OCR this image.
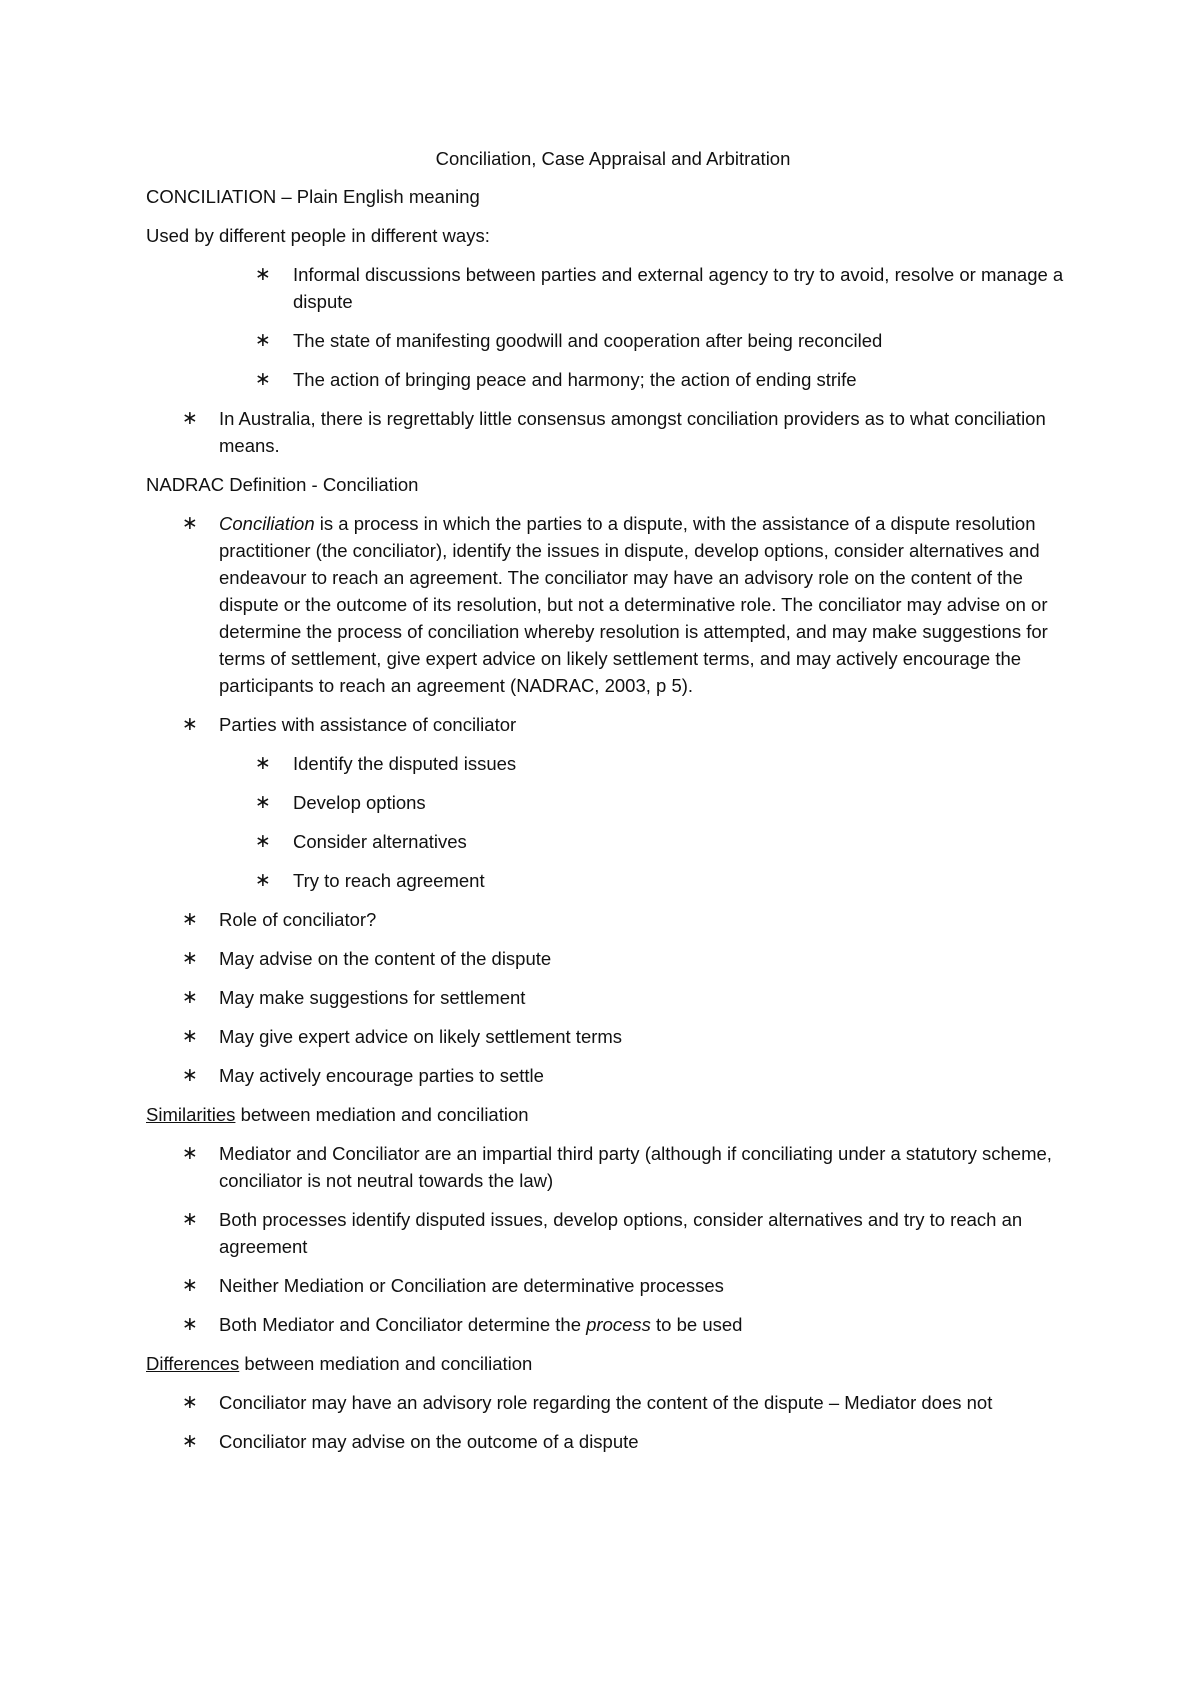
Conciliation, Case Appraisal and Arbitration
CONCILIATION – Plain English meaning
Used by different people in different ways:
∗ Informal discussions between parties and external agency to try to avoid, resolve or manage a dispute
∗ The state of manifesting goodwill and cooperation after being reconciled
∗ The action of bringing peace and harmony; the action of ending strife
∗ In Australia, there is regrettably little consensus amongst conciliation providers as to what conciliation means.
NADRAC Definition - Conciliation
∗ Conciliation is a process in which the parties to a dispute, with the assistance of a dispute resolution practitioner (the conciliator), identify the issues in dispute, develop options, consider alternatives and endeavour to reach an agreement. The conciliator may have an advisory role on the content of the dispute or the outcome of its resolution, but not a determinative role. The conciliator may advise on or determine the process of conciliation whereby resolution is attempted, and may make suggestions for terms of settlement, give expert advice on likely settlement terms, and may actively encourage the participants to reach an agreement (NADRAC, 2003, p 5).
∗ Parties with assistance of conciliator
∗ Identify the disputed issues
∗ Develop options
∗ Consider alternatives
∗ Try to reach agreement
∗ Role of conciliator?
∗ May advise on the content of the dispute
∗ May make suggestions for settlement
∗ May give expert advice on likely settlement terms
∗ May actively encourage parties to settle
Similarities between mediation and conciliation
∗ Mediator and Conciliator are an impartial third party (although if conciliating under a statutory scheme, conciliator is not neutral towards the law)
∗ Both processes identify disputed issues, develop options, consider alternatives and try to reach an agreement
∗ Neither Mediation or Conciliation are determinative processes
∗ Both Mediator and Conciliator determine the process to be used
Differences between mediation and conciliation
∗ Conciliator may have an advisory role regarding the content of the dispute – Mediator does not
∗ Conciliator may advise on the outcome of a dispute
